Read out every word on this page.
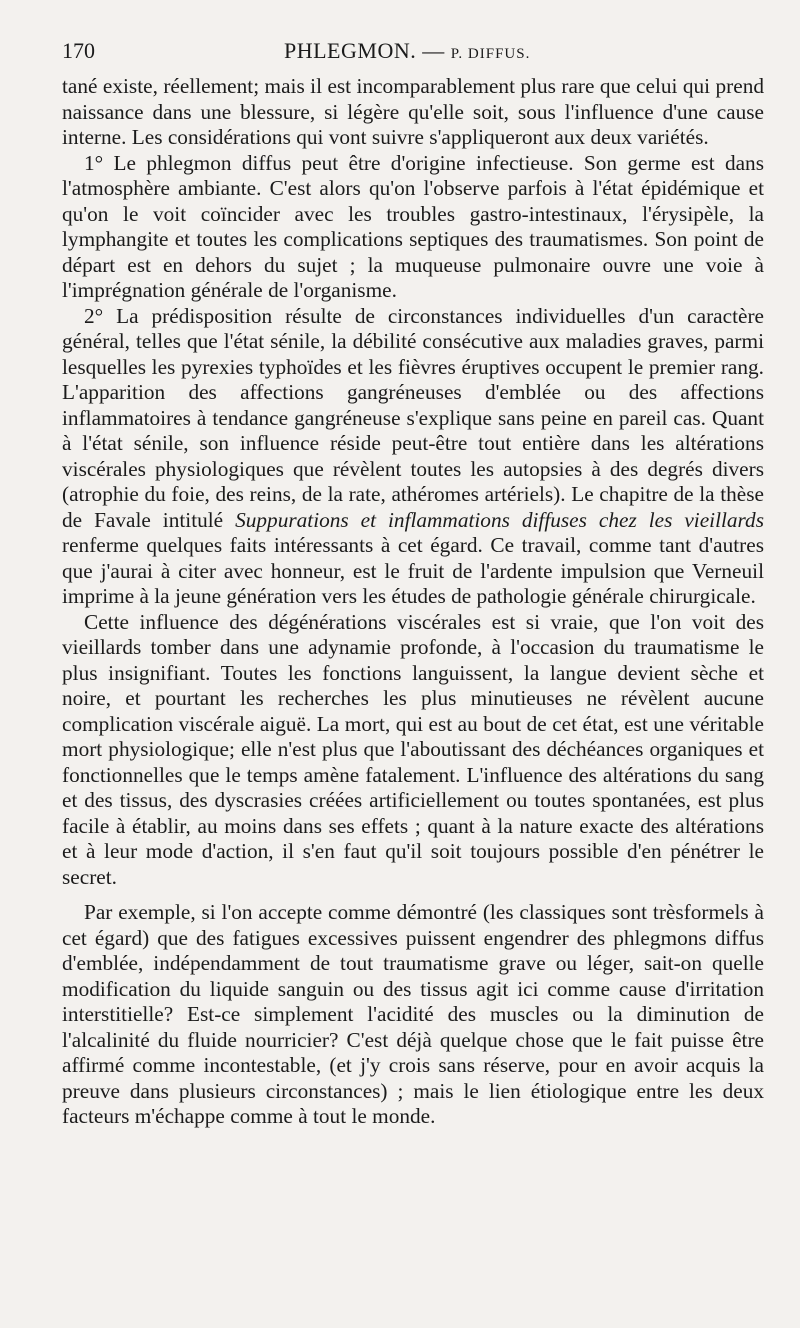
170	PHLEGMON. — P. DIFFUS.

tané existe, réellement; mais il est incomparablement plus rare que celui qui prend naissance dans une blessure, si légère qu'elle soit, sous l'influence d'une cause interne. Les considérations qui vont suivre s'appliqueront aux deux variétés.

1° Le phlegmon diffus peut être d'origine infectieuse. Son germe est dans l'atmosphère ambiante. C'est alors qu'on l'observe parfois à l'état épidémique et qu'on le voit coïncider avec les troubles gastro-intestinaux, l'érysipèle, la lymphangite et toutes les complications septiques des traumatismes. Son point de départ est en dehors du sujet ; la muqueuse pulmonaire ouvre une voie à l'imprégnation générale de l'organisme.

2° La prédisposition résulte de circonstances individuelles d'un caractère général, telles que l'état sénile, la débilité consécutive aux maladies graves, parmi lesquelles les pyrexies typhoïdes et les fièvres éruptives occupent le premier rang. L'apparition des affections gangréneuses d'emblée ou des affections inflammatoires à tendance gangréneuse s'explique sans peine en pareil cas. Quant à l'état sénile, son influence réside peut-être tout entière dans les altérations viscérales physiologiques que révèlent toutes les autopsies à des degrés divers (atrophie du foie, des reins, de la rate, athéromes artériels). Le chapitre de la thèse de Favale intitulé Suppurations et inflammations diffuses chez les vieillards renferme quelques faits intéressants à cet égard. Ce travail, comme tant d'autres que j'aurai à citer avec honneur, est le fruit de l'ardente impulsion que Verneuil imprime à la jeune génération vers les études de pathologie générale chirurgicale.

Cette influence des dégénérations viscérales est si vraie, que l'on voit des vieillards tomber dans une adynamie profonde, à l'occasion du traumatisme le plus insignifiant. Toutes les fonctions languissent, la langue devient sèche et noire, et pourtant les recherches les plus minutieuses ne révèlent aucune complication viscérale aiguë. La mort, qui est au bout de cet état, est une véritable mort physiologique; elle n'est plus que l'aboutissant des déchéances organiques et fonctionnelles que le temps amène fatalement. L'influence des altérations du sang et des tissus, des dyscrasies créées artificiellement ou toutes spontanées, est plus facile à établir, au moins dans ses effets ; quant à la nature exacte des altérations et à leur mode d'action, il s'en faut qu'il soit toujours possible d'en pénétrer le secret.

Par exemple, si l'on accepte comme démontré (les classiques sont trèsformels à cet égard) que des fatigues excessives puissent engendrer des phlegmons diffus d'emblée, indépendamment de tout traumatisme grave ou léger, sait-on quelle modification du liquide sanguin ou des tissus agit ici comme cause d'irritation interstitielle? Est-ce simplement l'acidité des muscles ou la diminution de l'alcalinité du fluide nourricier? C'est déjà quelque chose que le fait puisse être affirmé comme incontestable, (et j'y crois sans réserve, pour en avoir acquis la preuve dans plusieurs circonstances) ; mais le lien étiologique entre les deux facteurs m'échappe comme à tout le monde.
